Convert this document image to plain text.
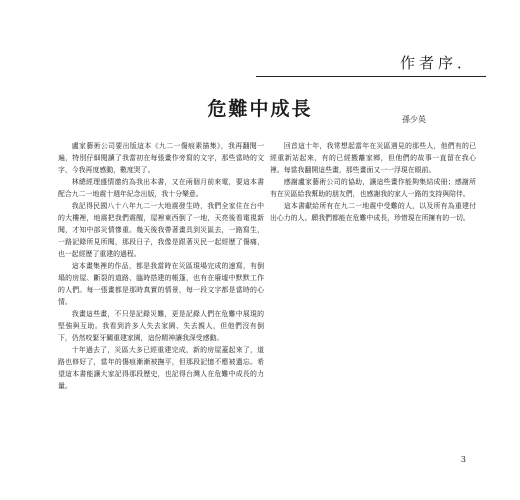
作者序．
危難中成長	孫少英

盧家藝術公司要出版這本《九二一傷痕素描集》，我再翻閱一遍，特別仔細閱讀了我當初在每張畫作旁寫的文字，那些當時的文字，今我再度感動，數度哭了。

林總經理盛情邀約為我出本書，又在兩個月前來電，要這本書配合九二一地震十週年紀念出版，我十分樂意。

我記得民國八十八年九二一大地震發生時，我們全家住在台中的大樓裡，地震把我們震醒，屋裡東西倒了一地，天亮後看電視新聞，才知中部災情慘重。幾天後我帶著畫具到災區去，一路寫生，一路記錄所見所聞，那段日子，我像是跟著災民一起經歷了傷痛，也一起經歷了重建的過程。

這本畫集裡的作品，都是我當時在災區現場完成的速寫，有倒塌的房屋、斷裂的道路、臨時搭建的帳篷，也有在廢墟中默默工作的人們。每一張畫都是那時真實的情景，每一段文字都是當時的心情。

我畫這些畫，不只是記錄災難，更是記錄人們在危難中展現的堅強與互助。我看到許多人失去家園、失去親人，但他們沒有倒下，仍然咬緊牙關重建家園，這份精神讓我深受感動。

十年過去了，災區大多已經重建完成，新的房屋蓋起來了，道路也修好了，當年的傷痕漸漸被撫平，但那段記憶不應被遺忘。希望這本書能讓大家記得那段歷史，也記得台灣人在危難中成長的力量。

回首這十年，我常想起當年在災區遇見的那些人，他們有的已經重新站起來，有的已經搬離家鄉，但他們的故事一直留在我心裡。每當我翻開這些畫，那些畫面又一一浮現在眼前。

感謝盧家藝術公司的協助，讓這些畫作能夠集結成冊；感謝所有在災區給我幫助的朋友們，也感謝我的家人一路的支持與陪伴。

這本書獻給所有在九二一地震中受難的人，以及所有為重建付出心力的人。願我們都能在危難中成長，珍惜現在所擁有的一切。

3
